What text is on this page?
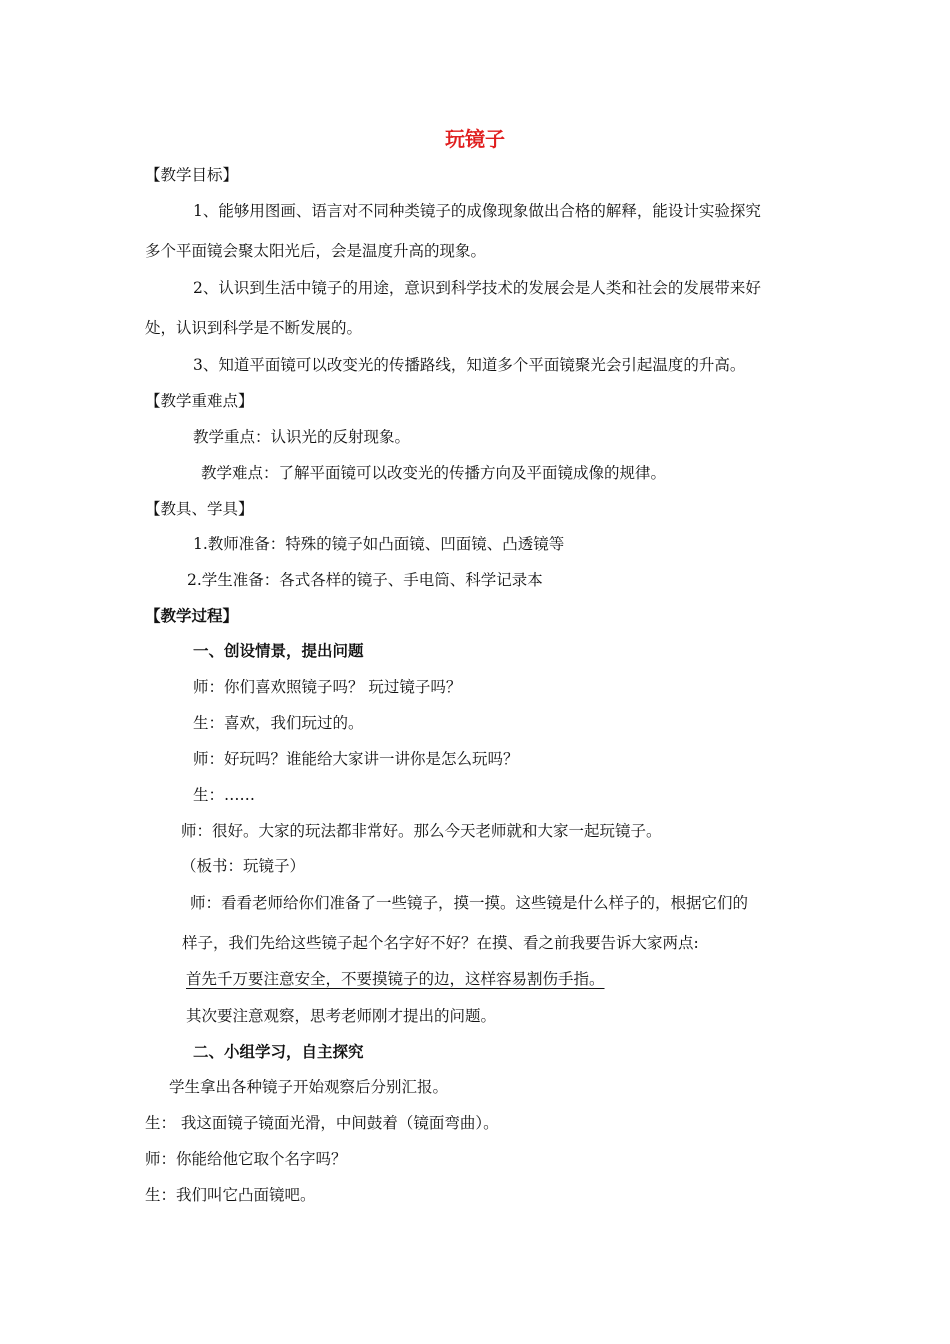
玩镜子
【教学目标】
1、能够用图画、语言对不同种类镜子的成像现象做出合格的解释，能设计实验探究
多个平面镜会聚太阳光后，会是温度升高的现象。
2、认识到生活中镜子的用途，意识到科学技术的发展会是人类和社会的发展带来好
处，认识到科学是不断发展的。
3、知道平面镜可以改变光的传播路线，知道多个平面镜聚光会引起温度的升高。
【教学重难点】
教学重点：认识光的反射现象。
教学难点：了解平面镜可以改变光的传播方向及平面镜成像的规律。
【教具、学具】
1.教师准备：特殊的镜子如凸面镜、凹面镜、凸透镜等
2.学生准备：各式各样的镜子、手电筒、科学记录本
【教学过程】
一、创设情景，提出问题
师：你们喜欢照镜子吗？ 玩过镜子吗？
生：喜欢，我们玩过的。
师：好玩吗？谁能给大家讲一讲你是怎么玩吗？
生：……
师：很好。大家的玩法都非常好。那么今天老师就和大家一起玩镜子。
（板书：玩镜子）
师：看看老师给你们准备了一些镜子，摸一摸。这些镜是什么样子的，根据它们的
样子，我们先给这些镜子起个名字好不好？在摸、看之前我要告诉大家两点:
首先千万要注意安全，不要摸镜子的边，这样容易割伤手指。
其次要注意观察，思考老师刚才提出的问题。
二、小组学习，自主探究
学生拿出各种镜子开始观察后分别汇报。
生： 我这面镜子镜面光滑，中间鼓着（镜面弯曲）。
师：你能给他它取个名字吗？
生：我们叫它凸面镜吧。
